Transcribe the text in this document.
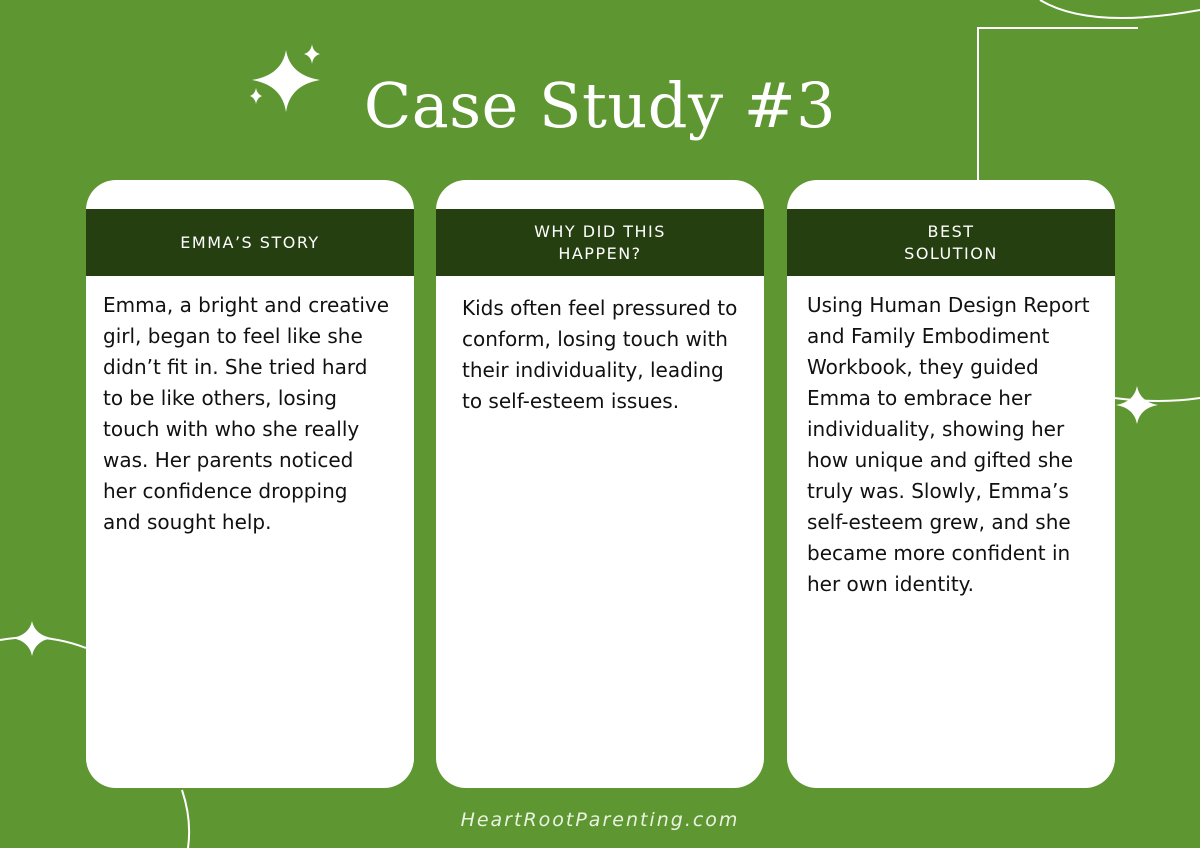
Case Study #3
EMMA’S STORY
Emma, a bright and creative girl, began to feel like she didn’t fit in. She tried hard to be like others, losing touch with who she really was. Her parents noticed her confidence dropping and sought help.
WHY DID THIS
HAPPEN?
Kids often feel pressured to conform, losing touch with their individuality, leading to self-esteem issues.
BEST
SOLUTION
Using Human Design Report and Family Embodiment Workbook, they guided Emma to embrace her individuality, showing her how unique and gifted she truly was. Slowly, Emma’s self-esteem grew, and she became more confident in her own identity.
HeartRootParenting.com
